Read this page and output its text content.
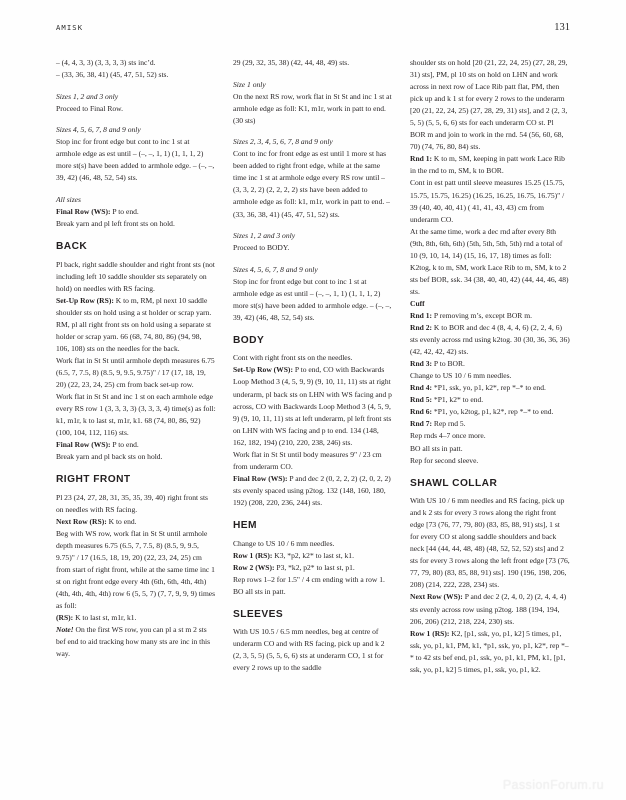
AMISK	131

– (4, 4, 3, 3) (3, 3, 3, 3) sts inc’d.

– (33, 36, 38, 41) (45, 47, 51, 52) sts.

Sizes 1, 2 and 3 only

Proceed to Final Row.

Sizes 4, 5, 6, 7, 8 and 9 only

Stop inc for front edge but cont to inc 1 st at armhole edge as est until – (–, –, 1, 1) (1, 1, 1, 2) more st(s) have been added to armhole edge. – (–, –, 39, 42) (46, 48, 52, 54) sts.

All sizes

Final Row (WS): P to end.

Break yarn and pl left front sts on hold.

BACK

Pl back, right saddle shoulder and right front sts (not including left 10 saddle shoulder sts separately on hold) on needles with RS facing.

Set-Up Row (RS): K to m, RM, pl next 10 saddle shoulder sts on hold using a st holder or scrap yarn. RM, pl all right front sts on hold using a separate st holder or scrap yarn. 66 (68, 74, 80, 86) (94, 98, 106, 108) sts on the needles for the back.

Work flat in St St until armhole depth measures 6.75 (6.5, 7, 7.5, 8) (8.5, 9, 9.5, 9.75)" / 17 (17, 18, 19, 20) (22, 23, 24, 25) cm from back set-up row.

Work flat in St St and inc 1 st on each armhole edge every RS row 1 (3, 3, 3, 3) (3, 3, 3, 4) time(s) as foll: k1, m1r, k to last st, m1r, k1. 68 (74, 80, 86, 92) (100, 104, 112, 116) sts.

Final Row (WS): P to end.

Break yarn and pl back sts on hold.

RIGHT FRONT

Pl 23 (24, 27, 28, 31, 35, 35, 39, 40) right front sts on needles with RS facing.

Next Row (RS): K to end.

Beg with WS row, work flat in St St until armhole depth measures 6.75 (6.5, 7, 7.5, 8) (8.5, 9, 9.5, 9.75)" / 17 (16.5, 18, 19, 20) (22, 23, 24, 25) cm from start of right front, while at the same time inc 1 st on right front edge every 4th (6th, 6th, 4th, 4th) (4th, 4th, 4th, 4th) row 6 (5, 5, 7) (7, 7, 9, 9, 9) times as foll:

(RS): K to last st, m1r, k1.

Note! On the first WS row, you can pl a st m 2 sts bef end to aid tracking how many sts are inc in this way.

29 (29, 32, 35, 38) (42, 44, 48, 49) sts.

Size 1 only

On the next RS row, work flat in St St and inc 1 st at armhole edge as foll: K1, m1r, work in patt to end. (30 sts)

Sizes 2, 3, 4, 5, 6, 7, 8 and 9 only

Cont to inc for front edge as est until 1 more st has been added to right front edge, while at the same time inc 1 st at armhole edge every RS row until – (3, 3, 2, 2) (2, 2, 2, 2) sts have been added to armhole edge as foll: k1, m1r, work in patt to end. – (33, 36, 38, 41) (45, 47, 51, 52) sts.

Sizes 1, 2 and 3 only

Proceed to BODY.

Sizes 4, 5, 6, 7, 8 and 9 only

Stop inc for front edge but cont to inc 1 st at armhole edge as est until – (–, –, 1, 1) (1, 1, 1, 2) more st(s) have been added to armhole edge. – (–, –, 39, 42) (46, 48, 52, 54) sts.

BODY

Cont with right front sts on the needles.

Set-Up Row (WS): P to end, CO with Backwards Loop Method 3 (4, 5, 9, 9) (9, 10, 11, 11) sts at right underarm, pl back sts on LHN with WS facing and p across, CO with Backwards Loop Method 3 (4, 5, 9, 9) (9, 10, 11, 11) sts at left underarm, pl left front sts on LHN with WS facing and p to end. 134 (148, 162, 182, 194) (210, 220, 238, 246) sts.

Work flat in St St until body measures 9" / 23 cm from underarm CO.

Final Row (WS): P and dec 2 (0, 2, 2, 2) (2, 0, 2, 2) sts evenly spaced using p2tog. 132 (148, 160, 180, 192) (208, 220, 236, 244) sts.

HEM

Change to US 10 / 6 mm needles.

Row 1 (RS): K3, *p2, k2* to last st, k1.

Row 2 (WS): P3, *k2, p2* to last st, p1.

Rep rows 1–2 for 1.5" / 4 cm ending with a row 1.

BO all sts in patt.

SLEEVES

With US 10.5 / 6.5 mm needles, beg at centre of underarm CO and with RS facing, pick up and k 2 (2, 3, 5, 5) (5, 5, 6, 6) sts at underarm CO, 1 st for every 2 rows up to the saddle

shoulder sts on hold [20 (21, 22, 24, 25) (27, 28, 29, 31) sts], PM, pl 10 sts on hold on LHN and work across in next row of Lace Rib patt flat, PM, then pick up and k 1 st for every 2 rows to the underarm [20 (21, 22, 24, 25) (27, 28, 29, 31) sts], and 2 (2, 3, 5, 5) (5, 5, 6, 6) sts for each underarm CO st. Pl BOR m and join to work in the rnd. 54 (56, 60, 68, 70) (74, 76, 80, 84) sts.

Rnd 1: K to m, SM, keeping in patt work Lace Rib in the rnd to m, SM, k to BOR.

Cont in est patt until sleeve measures 15.25 (15.75, 15.75, 15.75, 16.25) (16.25, 16.25, 16.75, 16.75)" / 39 (40, 40, 40, 41) ( 41, 41, 43, 43) cm from underarm CO.

At the same time, work a dec rnd after every 8th (9th, 8th, 6th, 6th) (5th, 5th, 5th, 5th) rnd a total of 10 (9, 10, 14, 14) (15, 16, 17, 18) times as foll:

K2tog, k to m, SM, work Lace Rib to m, SM, k to 2 sts bef BOR, ssk. 34 (38, 40, 40, 42) (44, 44, 46, 48) sts.

Cuff

Rnd 1: P removing m’s, except BOR m.

Rnd 2: K to BOR and dec 4 (8, 4, 4, 6) (2, 2, 4, 6) sts evenly across rnd using k2tog. 30 (30, 36, 36, 36) (42, 42, 42, 42) sts.

Rnd 3: P to BOR.

Change to US 10 / 6 mm needles.

Rnd 4: *P1, ssk, yo, p1, k2*, rep *–* to end.

Rnd 5: *P1, k2* to end.

Rnd 6: *P1, yo, k2tog, p1, k2*, rep *–* to end.

Rnd 7: Rep rnd 5.

Rep rnds 4–7 once more.

BO all sts in patt.

Rep for second sleeve.

SHAWL COLLAR

With US 10 / 6 mm needles and RS facing, pick up and k 2 sts for every 3 rows along the right front edge [73 (76, 77, 79, 80) (83, 85, 88, 91) sts], 1 st for every CO st along saddle shoulders and back neck [44 (44, 44, 48, 48) (48, 52, 52, 52) sts] and 2 sts for every 3 rows along the left front edge [73 (76, 77, 79, 80) (83, 85, 88, 91) sts]. 190 (196, 198, 206, 208) (214, 222, 228, 234) sts.

Next Row (WS): P and dec 2 (2, 4, 0, 2) (2, 4, 4, 4) sts evenly across row using p2tog. 188 (194, 194, 206, 206) (212, 218, 224, 230) sts.

Row 1 (RS): K2, [p1, ssk, yo, p1, k2] 5 times, p1, ssk, yo, p1, k1, PM, k1, *p1, ssk, yo, p1, k2*, rep *–* to 42 sts bef end, p1, ssk, yo, p1, k1, PM, k1, [p1, ssk, yo, p1, k2] 5 times, p1, ssk, yo, p1, k2.

PassionForum.ru
